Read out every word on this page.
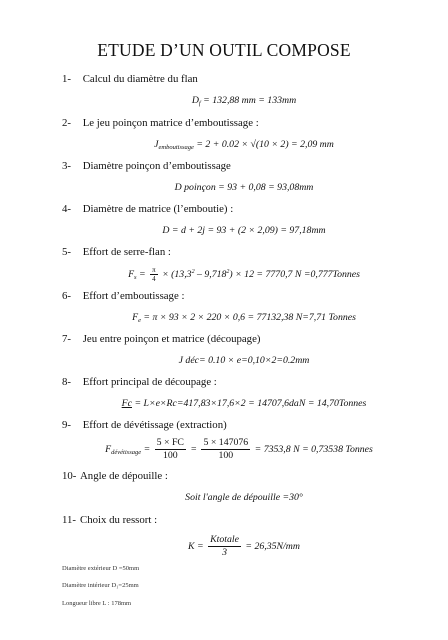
ETUDE D’UN OUTIL COMPOSE
1- Calcul du diamètre du flan
$D_f = 132,88$ mm = 133mm
2- Le jeu poinçon matrice d’emboutissage :
$J_{emboutissage} = 2 + 0.02 \times √(10 \times 2) = 2,09$ mm
3- Diamètre poinçon d’emboutissage
D poinçon = 93 + 0,08 = 93,08mm
4- Diamètre de matrice (l’emboutie) :
D = d + 2j = 93 + (2 × 2,09) = 97,18mm
5- Effort de serre-flan :
$F_s = \frac{\pi}{4} \times (13,3^2 - 9,718^2) \times 12 = 7770,7$ N =0,777Tonnes
6- Effort d’emboutissage :
$F_e = \pi \times 93 \times 2 \times 220 \times 0,6 = 77132,38$ N=7,71 Tonnes
7- Jeu entre poinçon et matrice (découpage)
J déc= 0.10 × e=0,10×2=0.2mm
8- Effort principal de découpage :
Fc = L×e×Rc=417,83×17,6×2 = 14707,6daN = 14,70Tonnes
9- Effort de dévétissage (extraction)
$F_{dévétissage} = \frac{5 \times FC}{100} = \frac{5 \times 147076}{100} = 7353,8$ N = 0,73538 Tonnes
10- Angle de dépouille :
Soit l'angle de dépouille =30°
11- Choix du ressort :
$K = \frac{\text{Ktotale}}{3} = 26,35N/mm$
Diamètre extérieur D =50mm
Diamètre intérieur D₁=25mm
Longueur libre L : 178mm
